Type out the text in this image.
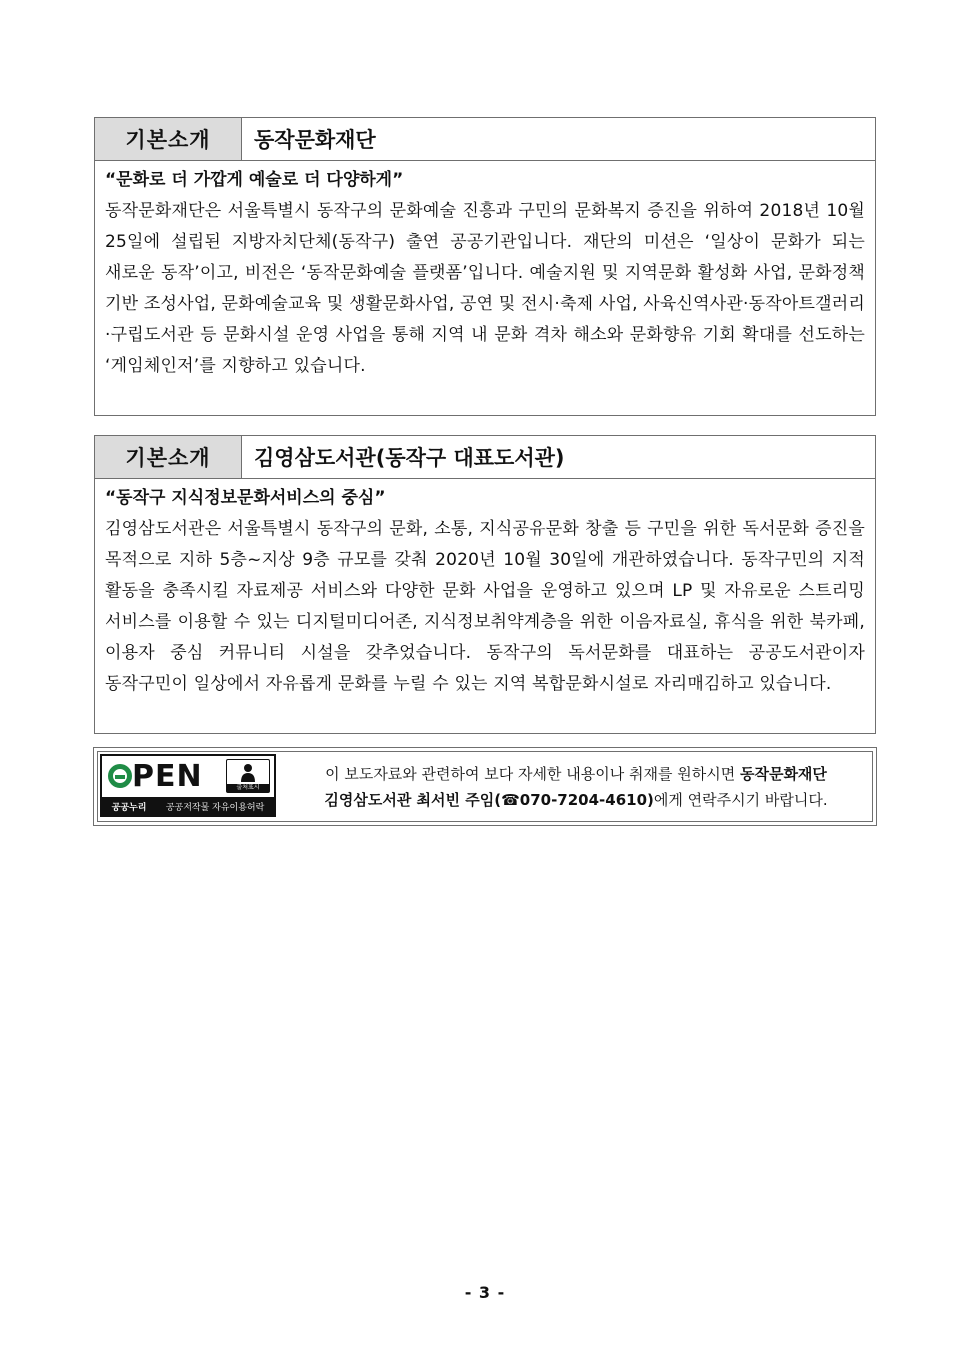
기본소개	동작문화재단
“문화로 더 가깝게 예술로 더 다양하게”
동작문화재단은 서울특별시 동작구의 문화예술 진흥과 구민의 문화복지 증진을 위하여 2018년 10월 25일에 설립된 지방자치단체(동작구) 출연 공공기관입니다. 재단의 미션은 ‘일상이 문화가 되는 새로운 동작’이고, 비전은 ‘동작문화예술 플랫폼’입니다. 예술지원 및 지역문화 활성화 사업, 문화정책 기반 조성사업, 문화예술교육 및 생활문화사업, 공연 및 전시·축제 사업, 사육신역사관·동작아트갤러리·구립도서관 등 문화시설 운영 사업을 통해 지역 내 문화 격차 해소와 문화향유 기회 확대를 선도하는 ‘게임체인저’를 지향하고 있습니다.
기본소개	김영삼도서관(동작구 대표도서관)
“동작구 지식정보문화서비스의 중심”
김영삼도서관은 서울특별시 동작구의 문화, 소통, 지식공유문화 창출 등 구민을 위한 독서문화 증진을 목적으로 지하 5층~지상 9층 규모를 갖춰 2020년 10월 30일에 개관하였습니다. 동작구민의 지적 활동을 충족시킬 자료제공 서비스와 다양한 문화 사업을 운영하고 있으며 LP 및 자유로운 스트리밍 서비스를 이용할 수 있는 디지털미디어존, 지식정보취약계층을 위한 이음자료실, 휴식을 위한 북카페, 이용자 중심 커뮤니티 시설을 갖추었습니다. 동작구의 독서문화를 대표하는 공공도서관이자 동작구민이 일상에서 자유롭게 문화를 누릴 수 있는 지역 복합문화시설로 자리매김하고 있습니다.
PEN	출처표시
공공누리 공공저작물 자유이용허락
이 보도자료와 관련하여 보다 자세한 내용이나 취재를 원하시면 동작문화재단
김영삼도서관 최서빈 주임(☎070-7204-4610)에게 연락주시기 바랍니다.
- 3 -
